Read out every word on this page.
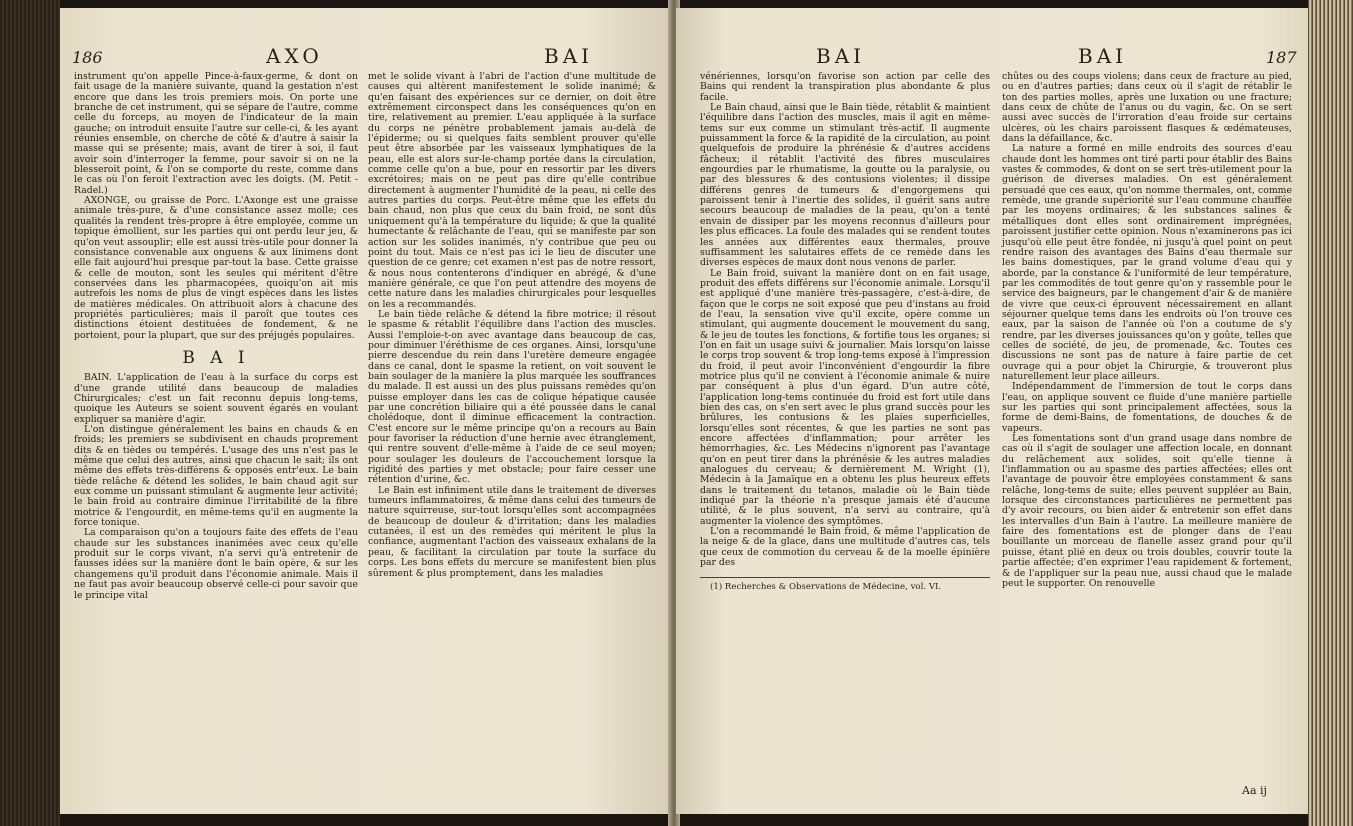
186	AXO	BAI

instrument qu'on appelle Pince-à-faux-germe, & dont on fait usage de la manière suivante, quand la gestation n'est encore que dans les trois premiers mois. On porte une branche de cet instrument, qui se sépare de l'autre, comme celle du forceps, au moyen de l'indicateur de la main gauche; on introduit ensuite l'autre sur celle-ci, & les ayant réunies ensemble, on cherche de côté & d'autre à saisir la masse qui se présente; mais, avant de tirer à soi, il faut avoir soin d'interroger la femme, pour savoir si on ne la blesseroit point, & l'on se comporte du reste, comme dans le cas où l'on feroit l'extraction avec les doigts. (M. Petit - Radel.)

AXONGE, ou graisse de Porc. L'Axonge est une graisse animale très-pure, & d'une consistance assez molle; ces qualités la rendent très-propre à être employée, comme un topique émollient, sur les parties qui ont perdu leur jeu, & qu'on veut assouplir; elle est aussi très-utile pour donner la consistance convenable aux onguens & aux linimens dont elle fait aujourd'hui presque par-tout la base. Cette graisse & celle de mouton, sont les seules qui méritent d'être conservées dans les pharmacopées, quoiqu'on ait mis autrefois les noms de plus de vingt espèces dans les listes de matières médicales. On attribuoit alors à chacune des propriétés particulières; mais il paroît que toutes ces distinctions étoient destituées de fondement, & ne portoient, pour la plupart, que sur des préjugés populaires.

B A I

BAIN. L'application de l'eau à la surface du corps est d'une grande utilité dans beaucoup de maladies Chirurgicales; c'est un fait reconnu depuis long-tems, quoique les Auteurs se soient souvent égarés en voulant expliquer sa manière d'agir.

L'on distingue généralement les bains en chauds & en froids; les premiers se subdivisent en chauds proprement dits & en tièdes ou tempérés. L'usage des uns n'est pas le même que celui des autres, ainsi que chacun le sait; ils ont même des effets très-différens & opposés entr'eux. Le bain tiède relâche & détend les solides, le bain chaud agit sur eux comme un puissant stimulant & augmente leur activité; le bain froid au contraire diminue l'irritabilité de la fibre motrice & l'engourdit, en même-tems qu'il en augmente la force tonique.

La comparaison qu'on a toujours faite des effets de l'eau chaude sur les substances inanimées avec ceux qu'elle produit sur le corps vivant, n'a servi qu'à entretenir de fausses idées sur la manière dont le bain opère, & sur les changemens qu'il produit dans l'économie animale. Mais il ne faut pas avoir beaucoup observé celle-ci pour savoir que le principe vital

met le solide vivant à l'abri de l'action d'une multitude de causes qui altèrent manifestement le solide inanimé; & qu'en faisant des expériences sur ce dernier, on doit être extrêmement circonspect dans les conséquences qu'on en tire, relativement au premier. L'eau appliquée à la surface du corps ne pénètre probablement jamais au-delà de l'épiderme; ou si quelques faits semblent prouver qu'elle peut être absorbée par les vaisseaux lymphatiques de la peau, elle est alors sur-le-champ portée dans la circulation, comme celle qu'on a bue, pour en ressortir par les divers excrétoires; mais on ne peut pas dire qu'elle contribue directement à augmenter l'humidité de la peau, ni celle des autres parties du corps. Peut-être même que les effets du bain chaud, non plus que ceux du bain froid, ne sont dûs uniquement qu'à la température du liquide; & que la qualité humectante & relâchante de l'eau, qui se manifeste par son action sur les solides inanimés, n'y contribue que peu ou point du tout. Mais ce n'est pas ici le lieu de discuter une question de ce genre; cet examen n'est pas de notre ressort, & nous nous contenterons d'indiquer en abrégé, & d'une manière générale, ce que l'on peut attendre des moyens de cette nature dans les maladies chirurgicales pour lesquelles on les a recommandés.

Le bain tiède relâche & détend la fibre motrice; il résout le spasme & rétablit l'équilibre dans l'action des muscles. Aussi l'emploie-t-on avec avantage dans beaucoup de cas, pour diminuer l'éréthisme de ces organes. Ainsi, lorsqu'une pierre descendue du rein dans l'uretère demeure engagée dans ce canal, dont le spasme la retient, on voit souvent le bain soulager de la manière la plus marquée les souffrances du malade. Il est aussi un des plus puissans remèdes qu'on puisse employer dans les cas de colique hépatique causée par une concrétion biliaire qui a été poussée dans le canal cholédoque, dont il diminue efficacement la contraction. C'est encore sur le même principe qu'on a recours au Bain pour favoriser la réduction d'une hernie avec étranglement, qui rentre souvent d'elle-même à l'aide de ce seul moyen; pour soulager les douleurs de l'accouchement lorsque la rigidité des parties y met obstacle; pour faire cesser une rétention d'urine, &c.

Le Bain est infiniment utile dans le traitement de diverses tumeurs inflammatoires, & même dans celui des tumeurs de nature squirreuse, sur-tout lorsqu'elles sont accompagnées de beaucoup de douleur & d'irritation; dans les maladies cutanées, il est un des remèdes qui méritent le plus la confiance, augmentant l'action des vaisseaux exhalans de la peau, & facilitant la circulation par toute la surface du corps. Les bons effets du mercure se manifestent bien plus sûrement & plus promptement, dans les maladies

BAI	BAI	187

vénériennes, lorsqu'on favorise son action par celle des Bains qui rendent la transpiration plus abondante & plus facile.

Le Bain chaud, ainsi que le Bain tiède, rétablit & maintient l'équilibre dans l'action des muscles, mais il agit en même-tems sur eux comme un stimulant très-actif. Il augmente puissamment la force & la rapidité de la circulation, au point quelquefois de produire la phrénésie & d'autres accidens fâcheux; il rétablit l'activité des fibres musculaires engourdies par le rhumatisme, la goutte ou la paralysie, ou par des blessures & des contusions violentes; il dissipe différens genres de tumeurs & d'engorgemens qui paroissent tenir à l'inertie des solides, il guérit sans autre secours beaucoup de maladies de la peau, qu'on a tenté envain de dissiper par les moyens reconnus d'ailleurs pour les plus efficaces. La foule des malades qui se rendent toutes les années aux différentes eaux thermales, prouve suffisamment les salutaires effets de ce remède dans les diverses espèces de maux dont nous venons de parler.

Le Bain froid, suivant la manière dont on en fait usage, produit des effets différens sur l'économie animale. Lorsqu'il est appliqué d'une manière très-passagère, c'est-à-dire, de façon que le corps ne soit exposé que peu d'instans au froid de l'eau, la sensation vive qu'il excite, opère comme un stimulant, qui augmente doucement le mouvement du sang, & le jeu de toutes les fonctions, & fortifie tous les organes; si l'on en fait un usage suivi & journalier. Mais lorsqu'on laisse le corps trop souvent & trop long-tems exposé à l'impression du froid, il peut avoir l'inconvénient d'engourdir la fibre motrice plus qu'il ne convient à l'économie animale & nuire par conséquent à plus d'un égard. D'un autre côté, l'application long-tems continuée du froid est fort utile dans bien des cas, on s'en sert avec le plus grand succès pour les brûlures, les contusions & les plaies superficielles, lorsqu'elles sont récentes, & que les parties ne sont pas encore affectées d'inflammation; pour arrêter les hémorrhagies, &c. Les Médecins n'ignorent pas l'avantage qu'on en peut tirer dans la phrénésie & les autres maladies analogues du cerveau; & dernièrement M. Wright (1), Médecin à la Jamaïque en a obtenu les plus heureux effets dans le traitement du tetanos, maladie où le Bain tiède indiqué par la théorie n'a presque jamais été d'aucune utilité, & le plus souvent, n'a servi au contraire, qu'à augmenter la violence des symptômes.

L'on a recommandé le Bain froid, & même l'application de la neige & de la glace, dans une multitude d'autres cas, tels que ceux de commotion du cerveau & de la moelle épinière par des

(1) Recherches & Observations de Médecine, vol. VI.

chûtes ou des coups violens; dans ceux de fracture au pied, ou en d'autres parties; dans ceux où il s'agit de rétablir le ton des parties molles, après une luxation ou une fracture; dans ceux de chûte de l'anus ou du vagin, &c. On se sert aussi avec succès de l'irroration d'eau froide sur certains ulcères, où les chairs paroissent flasques & œdémateuses, dans la défaillance, &c.

La nature a formé en mille endroits des sources d'eau chaude dont les hommes ont tiré parti pour établir des Bains vastes & commodes, & dont on se sert très-utilement pour la guérison de diverses maladies. On est généralement persuadé que ces eaux, qu'on nomme thermales, ont, comme remède, une grande supériorité sur l'eau commune chauffée par les moyens ordinaires; & les substances salines & métalliques dont elles sont ordinairement imprégnées, paroissent justifier cette opinion. Nous n'examinerons pas ici jusqu'où elle peut être fondée, ni jusqu'à quel point on peut rendre raison des avantages des Bains d'eau thermale sur les bains domestiques, par le grand volume d'eau qui y aborde, par la constance & l'uniformité de leur température, par les commodités de tout genre qu'on y rassemble pour le service des baigneurs, par le changement d'air & de manière de vivre que ceux-ci éprouvent nécessairement en allant séjourner quelque tems dans les endroits où l'on trouve ces eaux, par la saison de l'année où l'on a coutume de s'y rendre, par les diverses jouissances qu'on y goûte, telles que celles de société, de jeu, de promenade, &c. Toutes ces discussions ne sont pas de nature à faire partie de cet ouvrage qui a pour objet la Chirurgie, & trouveront plus naturellement leur place ailleurs.

Indépendamment de l'immersion de tout le corps dans l'eau, on applique souvent ce fluide d'une manière partielle sur les parties qui sont principalement affectées, sous la forme de demi-Bains, de fomentations, de douches & de vapeurs.

Les fomentations sont d'un grand usage dans nombre de cas où il s'agit de soulager une affection locale, en donnant du relâchement aux solides, soit qu'elle tienne à l'inflammation ou au spasme des parties affectées; elles ont l'avantage de pouvoir être employées constamment & sans relâche, long-tems de suite; elles peuvent suppléer au Bain, lorsque des circonstances particulières ne permettent pas d'y avoir recours, ou bien aider & entretenir son effet dans les intervalles d'un Bain à l'autre. La meilleure manière de faire des fomentations est de plonger dans de l'eau bouillante un morceau de flanelle assez grand pour qu'il puisse, étant plié en deux ou trois doubles, couvrir toute la partie affectée; d'en exprimer l'eau rapidement & fortement, & de l'appliquer sur la peau nue, aussi chaud que le malade peut le supporter. On renouvelle

Aa ij
